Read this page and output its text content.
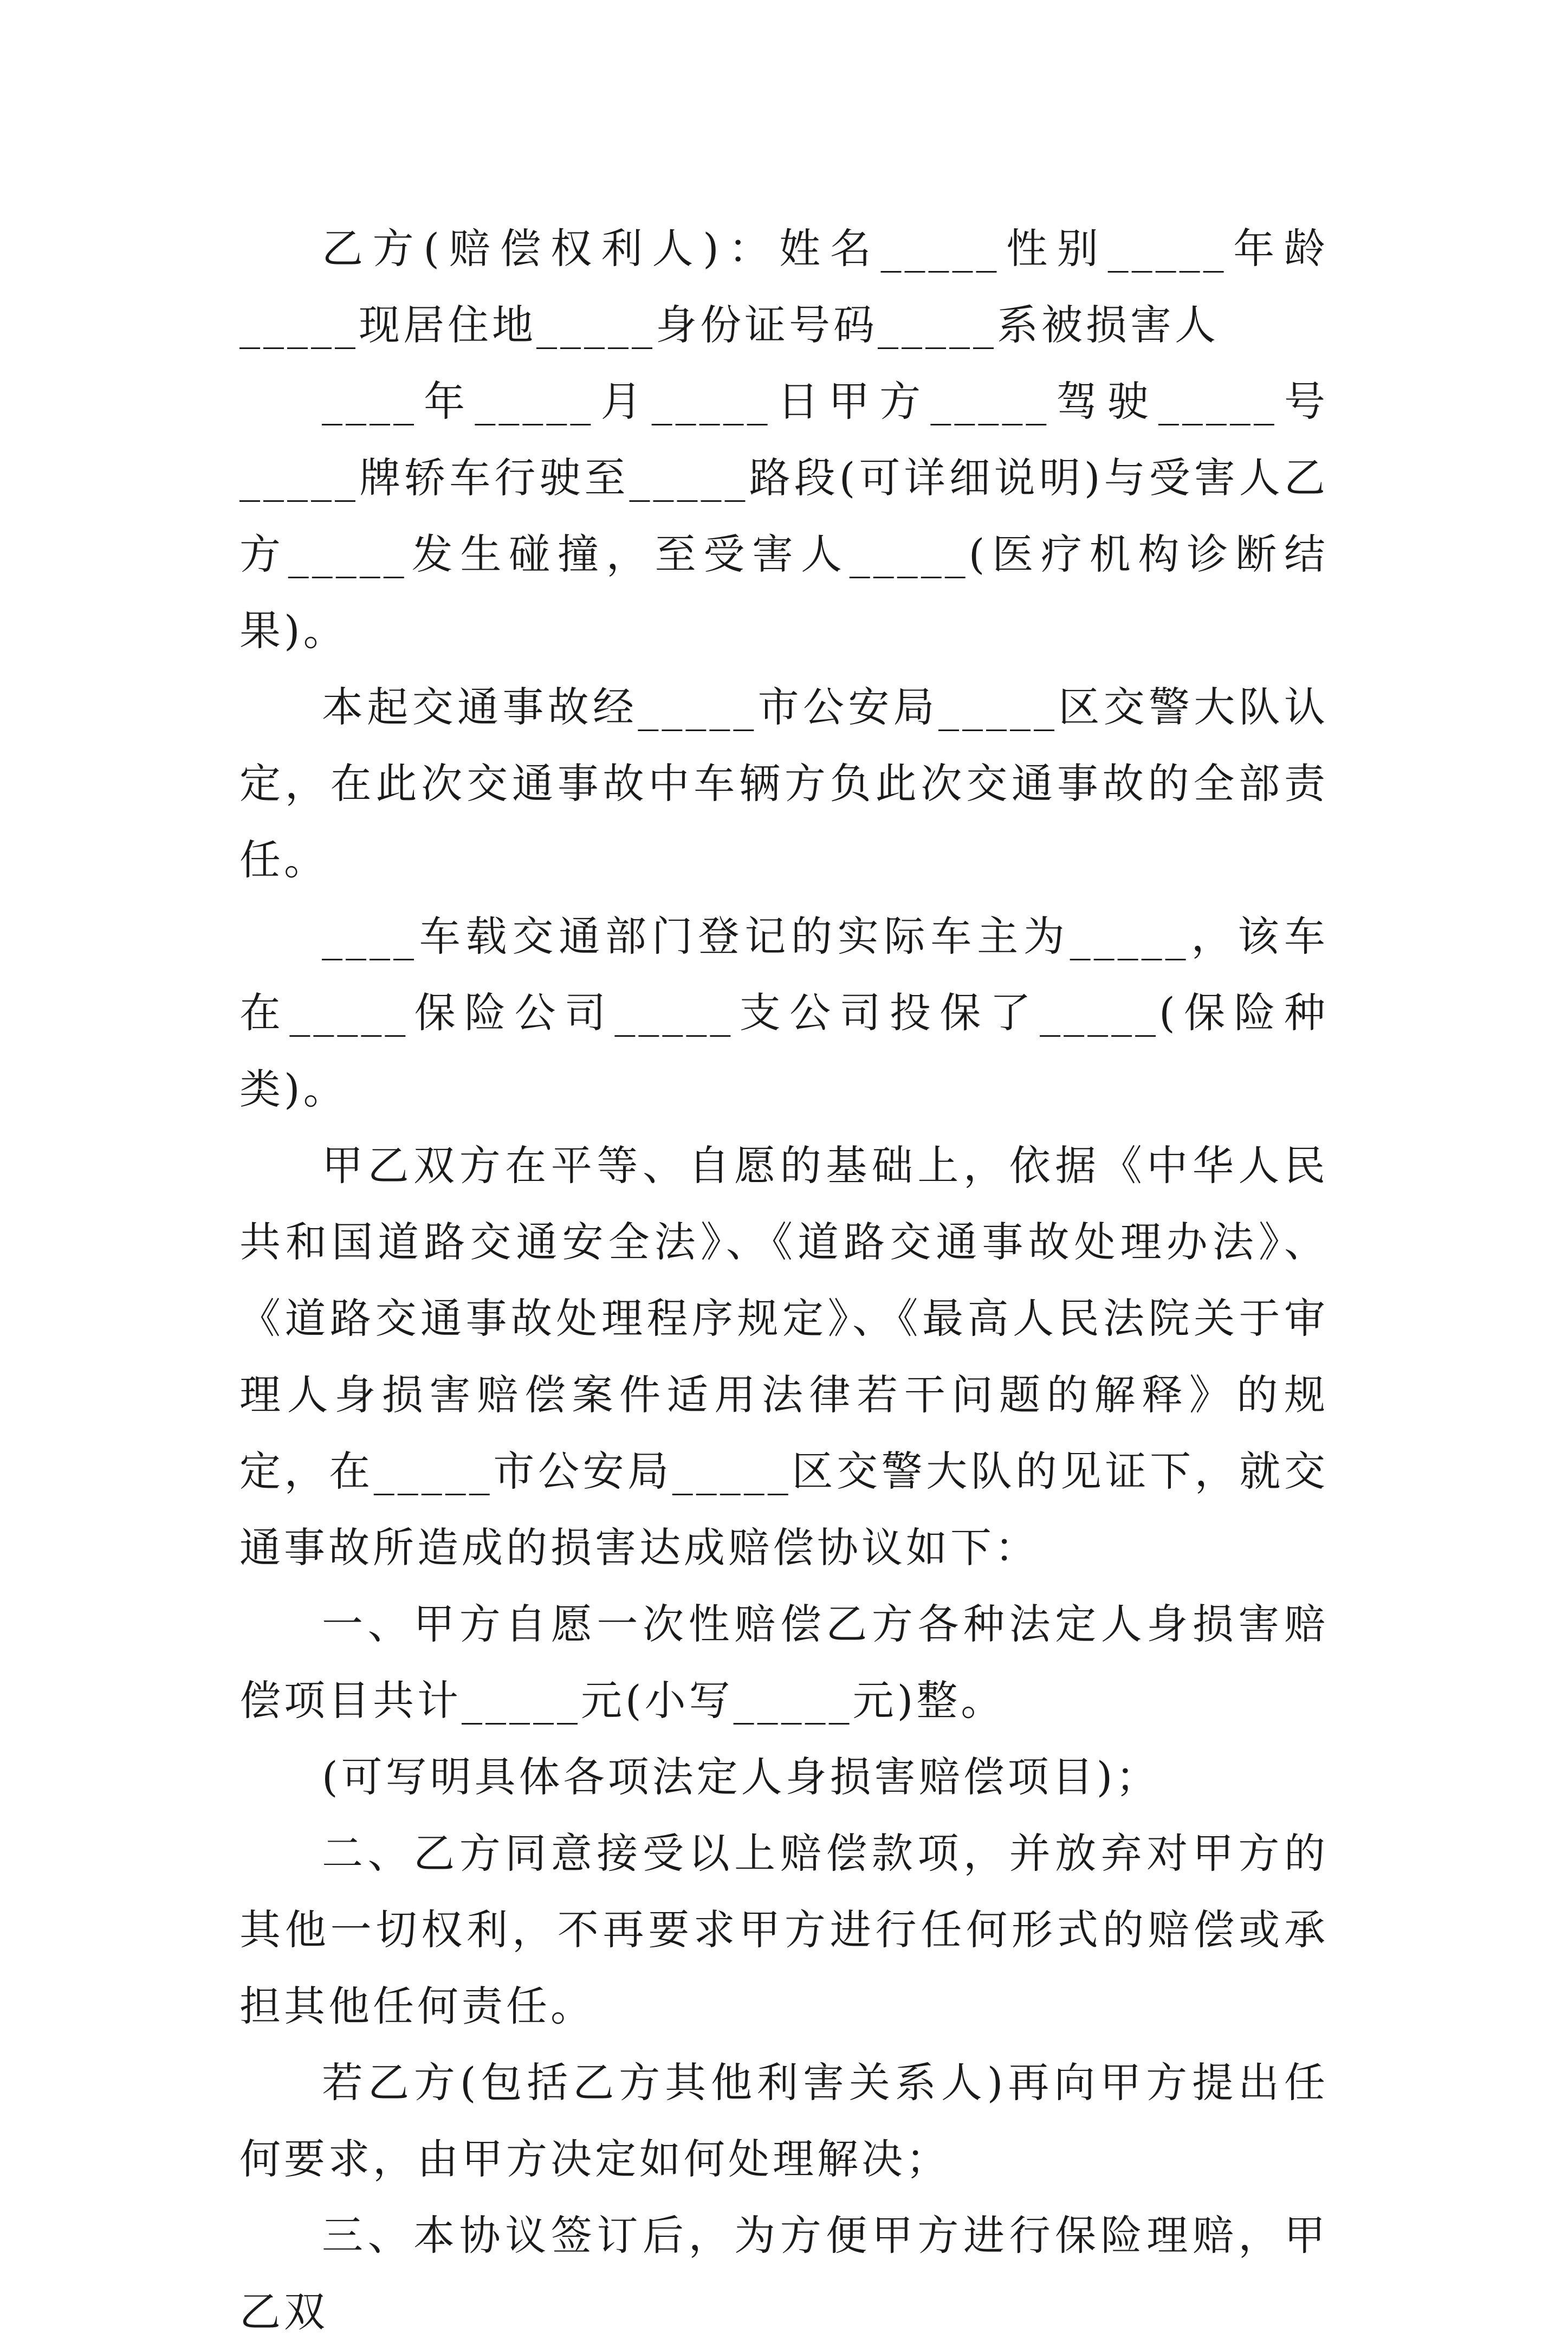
乙方(赔偿权利人)：姓名_____性别_____年龄_____现居住地_____身份证号码_____系被损害人

____年_____月_____日甲方_____驾驶_____号_____牌轿车行驶至_____路段(可详细说明)与受害人乙方_____发生碰撞，至受害人_____(医疗机构诊断结果)。

本起交通事故经_____市公安局_____区交警大队认定，在此次交通事故中车辆方负此次交通事故的全部责任。

____车载交通部门登记的实际车主为_____，该车在_____保险公司_____支公司投保了_____(保险种类)。

甲乙双方在平等、自愿的基础上，依据《中华人民共和国道路交通安全法》、《道路交通事故处理办法》、《道路交通事故处理程序规定》、《最高人民法院关于审理人身损害赔偿案件适用法律若干问题的解释》的规定，在_____市公安局_____区交警大队的见证下，就交通事故所造成的损害达成赔偿协议如下：

一、甲方自愿一次性赔偿乙方各种法定人身损害赔偿项目共计_____元(小写_____元)整。

(可写明具体各项法定人身损害赔偿项目)；

二、乙方同意接受以上赔偿款项，并放弃对甲方的其他一切权利，不再要求甲方进行任何形式的赔偿或承担其他任何责任。

若乙方(包括乙方其他利害关系人)再向甲方提出任何要求，由甲方决定如何处理解决；

三、本协议签订后，为方便甲方进行保险理赔，甲乙双
